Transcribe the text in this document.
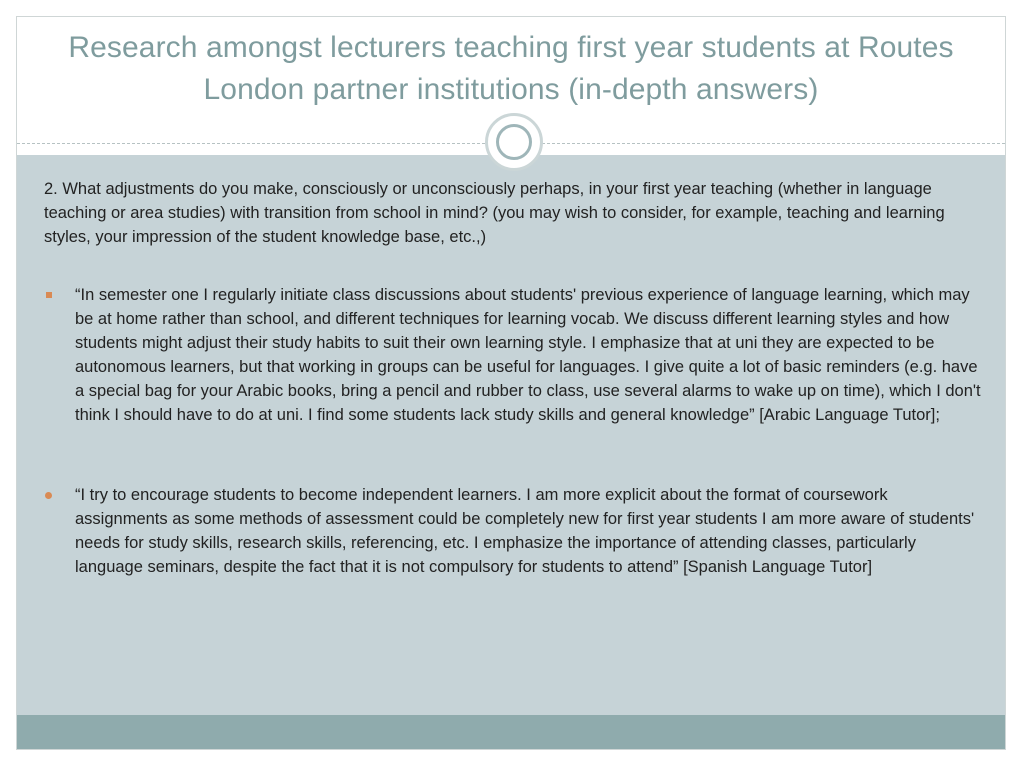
Research amongst lecturers teaching first year students at Routes London partner institutions (in-depth answers)
2. What adjustments do you make, consciously or unconsciously perhaps, in your first year teaching (whether in language teaching or area studies) with transition from school in mind? (you may wish to consider, for example, teaching and learning styles, your impression of the student knowledge base, etc.,)
“In semester one I regularly initiate class discussions about students' previous experience of language learning, which may be at home rather than school, and different techniques for learning vocab. We discuss different learning styles and how students might adjust their study habits to suit their own learning style. I emphasize that at uni they are expected to be autonomous learners, but that working in groups can be useful for languages. I give quite a lot of basic reminders (e.g. have a special bag for your Arabic books, bring a pencil and rubber to class, use several alarms to wake up on time), which I don't think I should have to do at uni. I find some students lack study skills and general knowledge” [Arabic Language Tutor];
“I try to encourage students to become independent learners. I am more explicit about the format of coursework assignments as some methods of assessment could be completely new for first year students I am more aware of students' needs for study skills, research skills, referencing, etc. I emphasize the importance of attending classes, particularly language seminars, despite the fact that it is not compulsory for students to attend” [Spanish Language Tutor]
